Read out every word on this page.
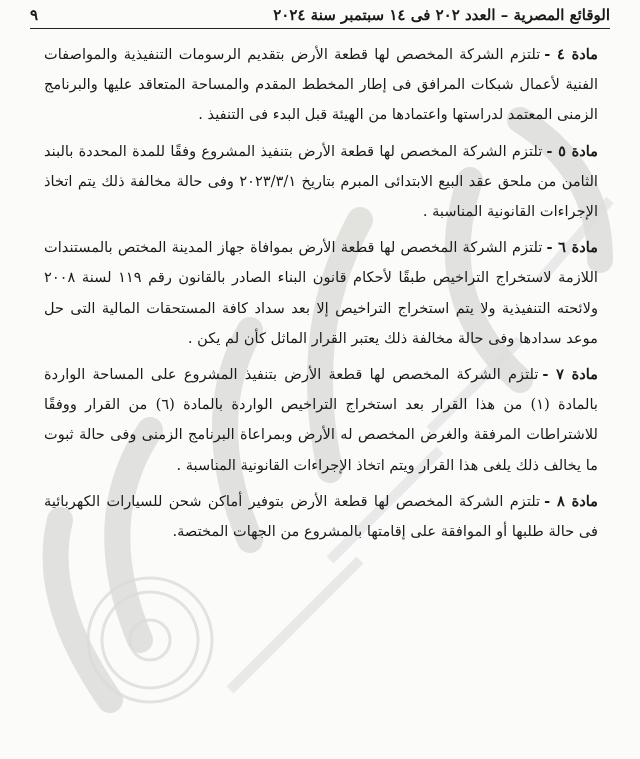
الوقائع المصرية – العدد ٢٠٢ فى ١٤ سبتمبر سنة ٢٠٢٤
٩

مادة ٤ -تلتزم الشركة المخصص لها قطعة الأرض بتقديم الرسومات التنفيذية والمواصفات الفنية لأعمال شبكات المرافق فى إطار المخطط المقدم والمساحة المتعاقد عليها والبرنامج الزمنى المعتمد لدراستها واعتمادها من الهيئة قبل البدء فى التنفيذ .

مادة ٥ -تلتزم الشركة المخصص لها قطعة الأرض بتنفيذ المشروع وفقًا للمدة المحددة بالبند الثامن من ملحق عقد البيع الابتدائى المبرم بتاريخ ٢٠٢٣/٣/١ وفى حالة مخالفة ذلك يتم اتخاذ الإجراءات القانونية المناسبة .

مادة ٦ -تلتزم الشركة المخصص لها قطعة الأرض بموافاة جهاز المدينة المختص بالمستندات اللازمة لاستخراج التراخيص طبقًا لأحكام قانون البناء الصادر بالقانون رقم ١١٩ لسنة ٢٠٠٨ ولائحته التنفيذية ولا يتم استخراج التراخيص إلا بعد سداد كافة المستحقات المالية التى حل موعد سدادها وفى حالة مخالفة ذلك يعتبر القرار الماثل كأن لم يكن .

مادة ٧ -تلتزم الشركة المخصص لها قطعة الأرض بتنفيذ المشروع على المساحة الواردة بالمادة (١) من هذا القرار بعد استخراج التراخيص الواردة بالمادة (٦) من القرار ووفقًا للاشتراطات المرفقة والغرض المخصص له الأرض وبمراعاة البرنامج الزمنى وفى حالة ثبوت ما يخالف ذلك يلغى هذا القرار ويتم اتخاذ الإجراءات القانونية المناسبة .

مادة ٨ -تلتزم الشركة المخصص لها قطعة الأرض بتوفير أماكن شحن للسيارات الكهربائية فى حالة طلبها أو الموافقة على إقامتها بالمشروع من الجهات المختصة.
